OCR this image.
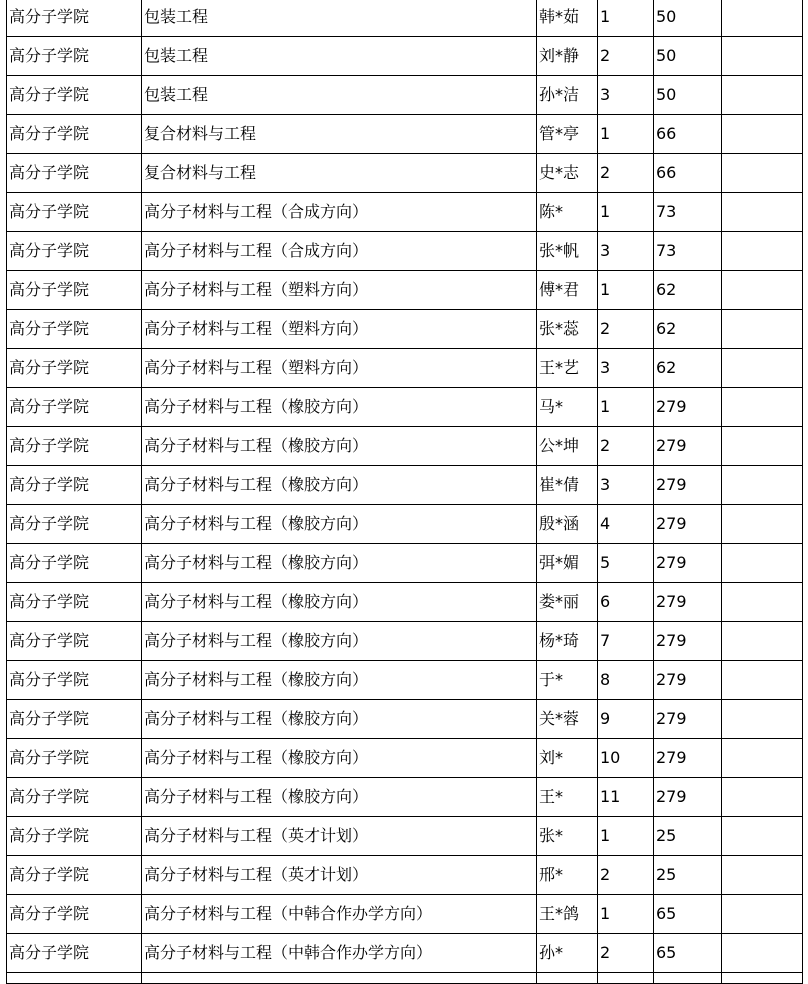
高分子学院	包装工程	韩*茹	1	50	
高分子学院	包装工程	刘*静	2	50	
高分子学院	包装工程	孙*洁	3	50	
高分子学院	复合材料与工程	管*亭	1	66	
高分子学院	复合材料与工程	史*志	2	66	
高分子学院	高分子材料与工程（合成方向）	陈*	1	73	
高分子学院	高分子材料与工程（合成方向）	张*帆	3	73	
高分子学院	高分子材料与工程（塑料方向）	傅*君	1	62	
高分子学院	高分子材料与工程（塑料方向）	张*蕊	2	62	
高分子学院	高分子材料与工程（塑料方向）	王*艺	3	62	
高分子学院	高分子材料与工程（橡胶方向）	马*	1	279	
高分子学院	高分子材料与工程（橡胶方向）	公*坤	2	279	
高分子学院	高分子材料与工程（橡胶方向）	崔*倩	3	279	
高分子学院	高分子材料与工程（橡胶方向）	殷*涵	4	279	
高分子学院	高分子材料与工程（橡胶方向）	弭*媚	5	279	
高分子学院	高分子材料与工程（橡胶方向）	娄*丽	6	279	
高分子学院	高分子材料与工程（橡胶方向）	杨*琦	7	279	
高分子学院	高分子材料与工程（橡胶方向）	于*	8	279	
高分子学院	高分子材料与工程（橡胶方向）	关*蓉	9	279	
高分子学院	高分子材料与工程（橡胶方向）	刘*	10	279	
高分子学院	高分子材料与工程（橡胶方向）	王*	11	279	
高分子学院	高分子材料与工程（英才计划）	张*	1	25	
高分子学院	高分子材料与工程（英才计划）	邢*	2	25	
高分子学院	高分子材料与工程（中韩合作办学方向）	王*鸽	1	65	
高分子学院	高分子材料与工程（中韩合作办学方向）	孙*	2	65	
